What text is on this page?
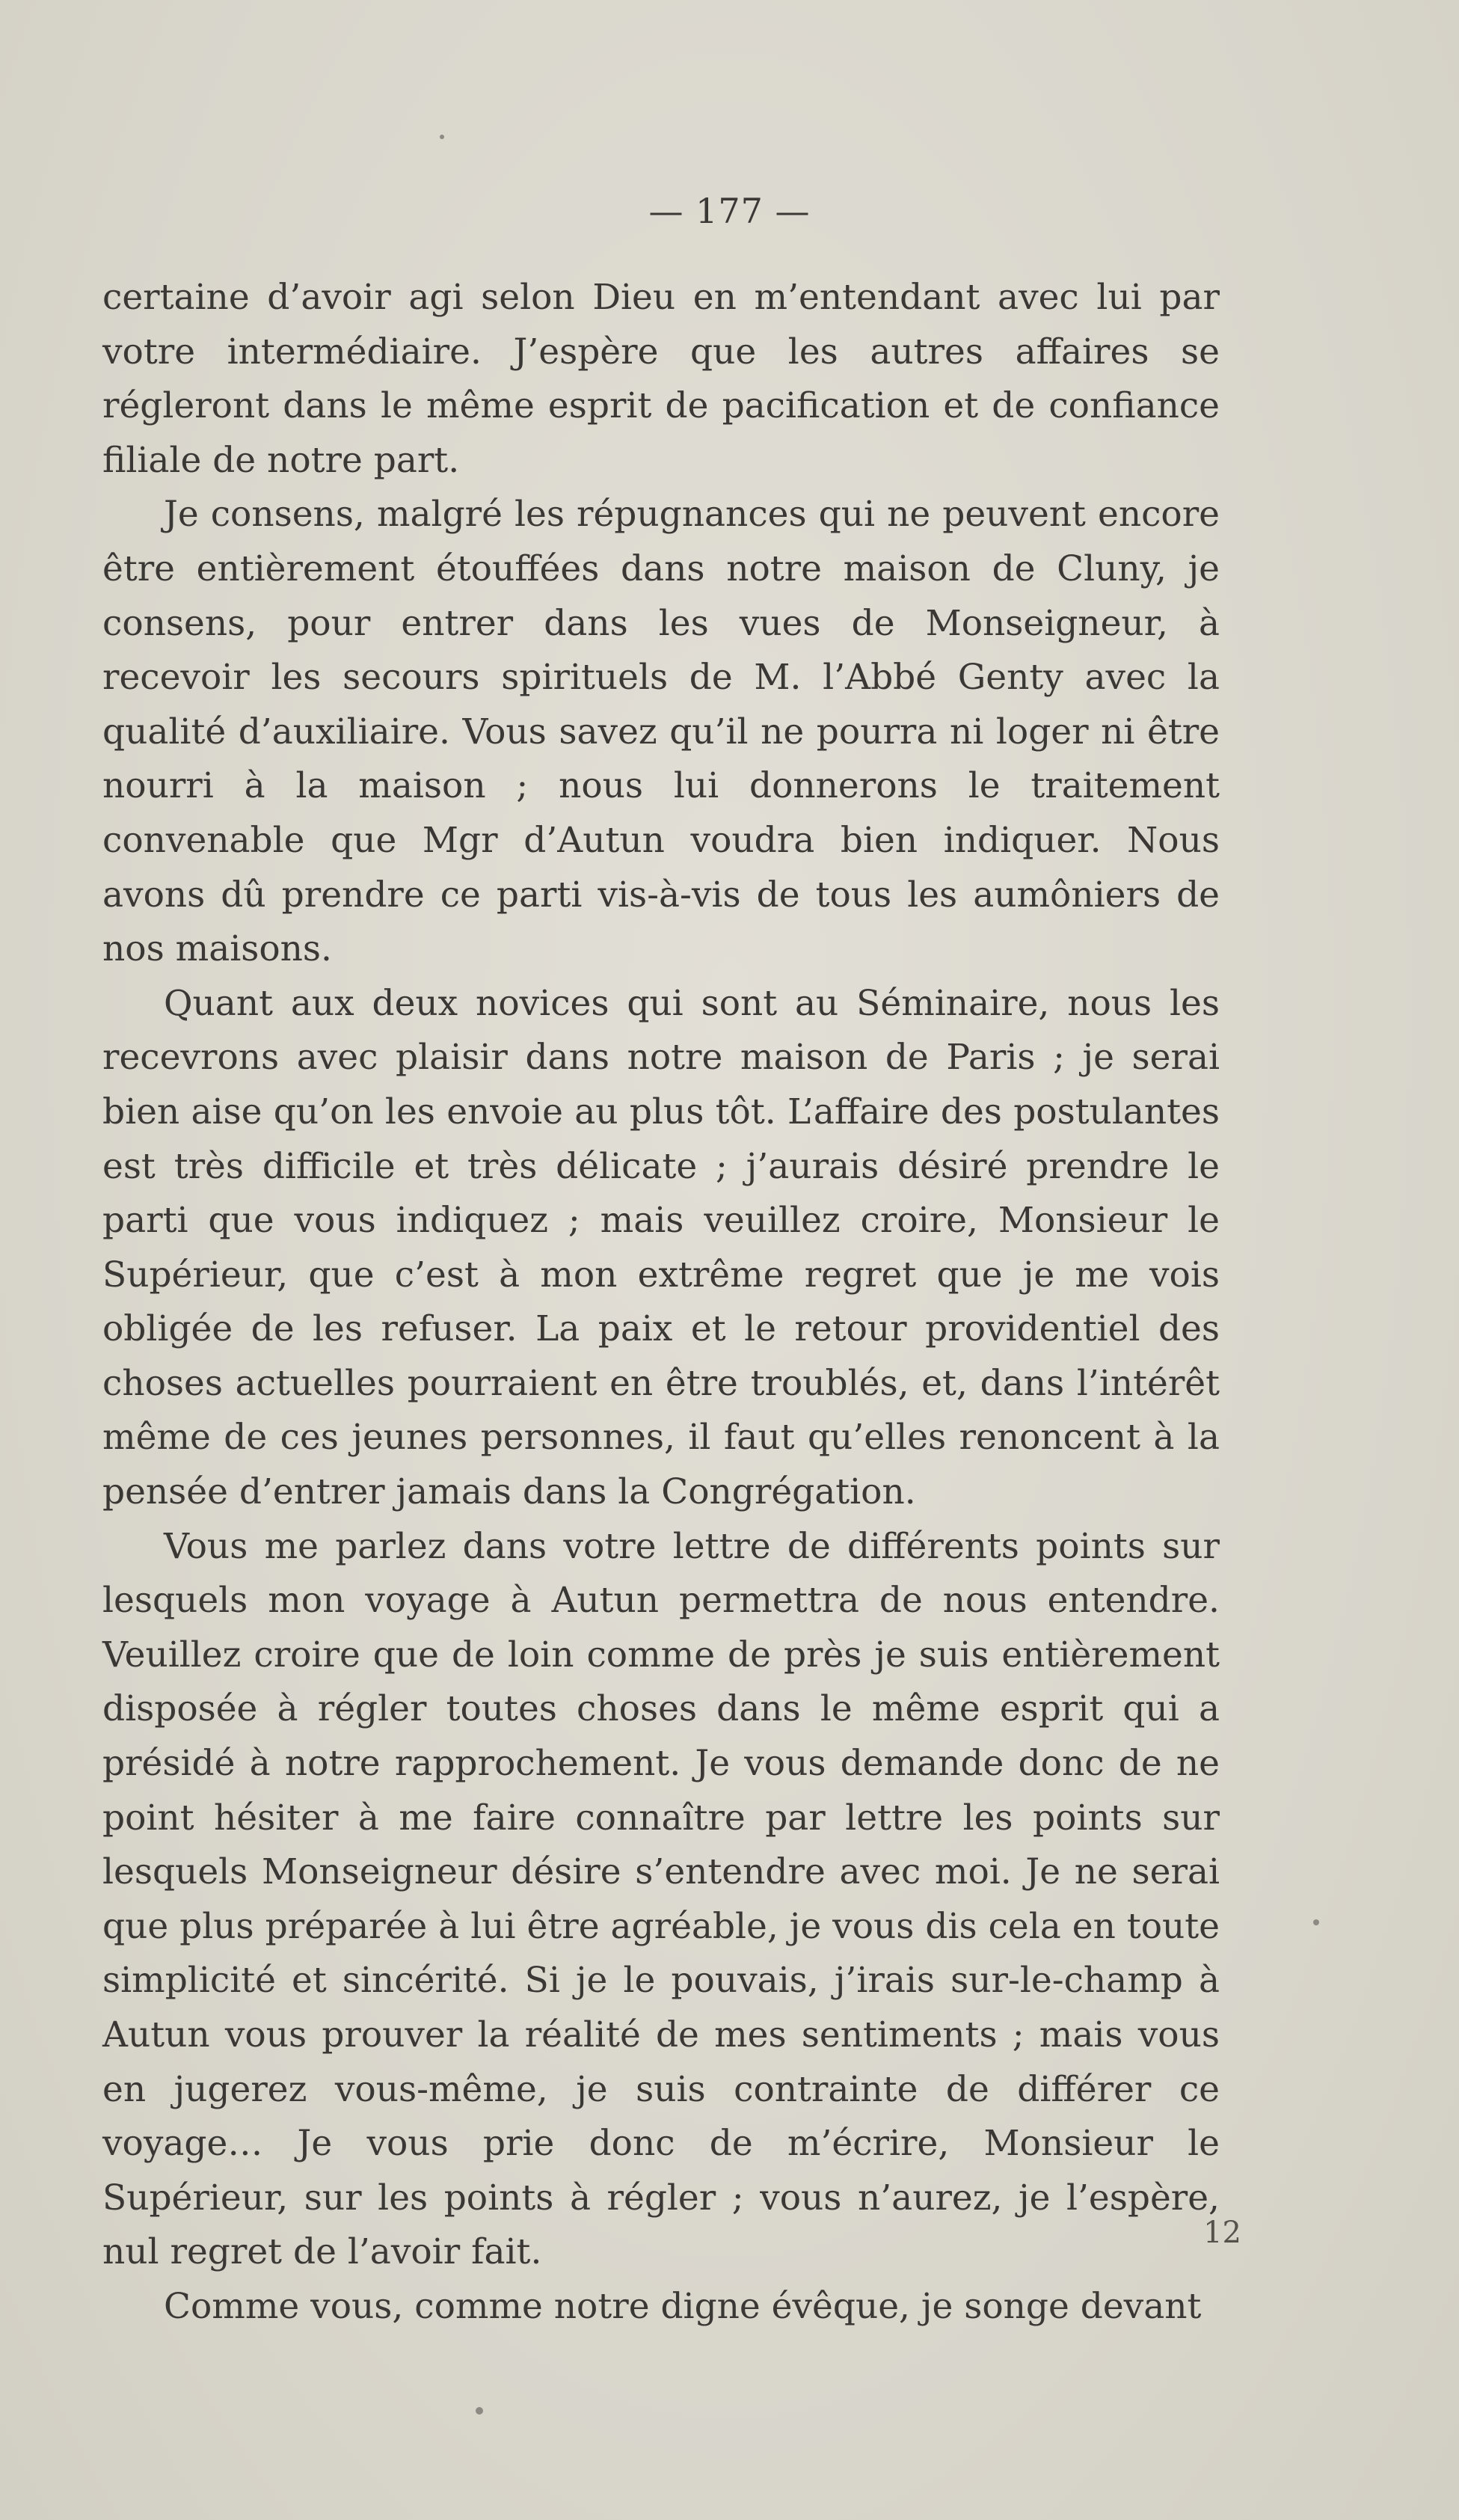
— 177 —

certaine d’avoir agi selon Dieu en m’entendant avec lui par votre intermédiaire. J’espère que les autres affaires se régleront dans le même esprit de pacification et de confiance filiale de notre part.

Je consens, malgré les répugnances qui ne peuvent encore être entièrement étouffées dans notre maison de Cluny, je consens, pour entrer dans les vues de Monseigneur, à recevoir les secours spirituels de M. l’Abbé Genty avec la qualité d’auxiliaire. Vous savez qu’il ne pourra ni loger ni être nourri à la maison ; nous lui donnerons le traitement convenable que Mgr d’Autun voudra bien indiquer. Nous avons dû prendre ce parti vis-à-vis de tous les aumôniers de nos maisons.

Quant aux deux novices qui sont au Séminaire, nous les recevrons avec plaisir dans notre maison de Paris ; je serai bien aise qu’on les envoie au plus tôt. L’affaire des postulantes est très difficile et très délicate ; j’aurais désiré prendre le parti que vous indiquez ; mais veuillez croire, Monsieur le Supérieur, que c’est à mon extrême regret que je me vois obligée de les refuser. La paix et le retour providentiel des choses actuelles pourraient en être troublés, et, dans l’intérêt même de ces jeunes personnes, il faut qu’elles renoncent à la pensée d’entrer jamais dans la Congrégation.

Vous me parlez dans votre lettre de différents points sur lesquels mon voyage à Autun permettra de nous entendre. Veuillez croire que de loin comme de près je suis entièrement disposée à régler toutes choses dans le même esprit qui a présidé à notre rapprochement. Je vous demande donc de ne point hésiter à me faire connaître par lettre les points sur lesquels Monseigneur désire s’entendre avec moi. Je ne serai que plus préparée à lui être agréable, je vous dis cela en toute simplicité et sincérité. Si je le pouvais, j’irais sur-le-champ à Autun vous prouver la réalité de mes sentiments ; mais vous en jugerez vous-même, je suis contrainte de différer ce voyage… Je vous prie donc de m’écrire, Monsieur le Supérieur, sur les points à régler ; vous n’aurez, je l’espère, nul regret de l’avoir fait.

Comme vous, comme notre digne évêque, je songe devant

12
